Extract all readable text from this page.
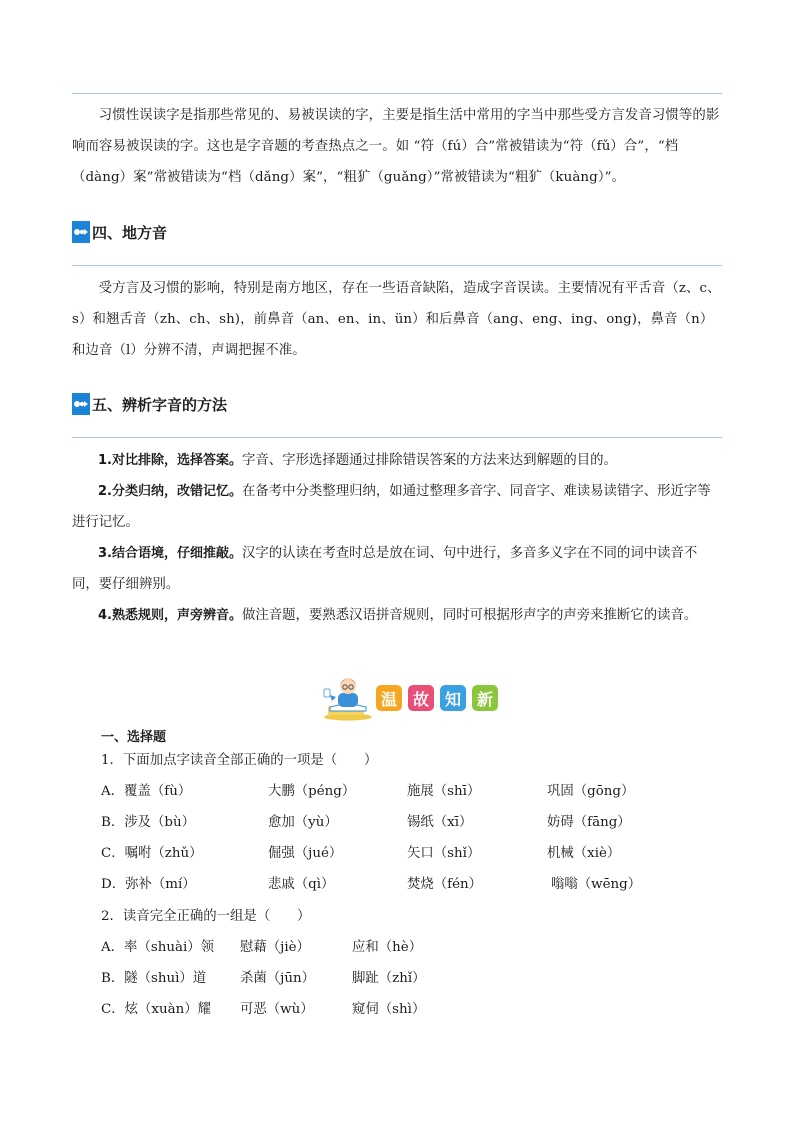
习惯性误读字是指那些常见的、易被误读的字，主要是指生活中常用的字当中那些受方言发音习惯等的影响而容易被误读的字。这也是字音题的考查热点之一。如 “符（fú）合”常被错读为“符（fǔ）合”，“档（dàng）案”常被错读为“档（dǎng）案”，“粗犷（guǎng）”常被错读为“粗犷（kuàng）”。
四、地方音
受方言及习惯的影响，特别是南方地区，存在一些语音缺陷，造成字音误读。主要情况有平舌音（z、c、s）和翘舌音（zh、ch、sh)，前鼻音（an、en、in、ün）和后鼻音（ang、eng、ing、ong)，鼻音（n）和边音（l）分辨不清，声调把握不准。
五、辨析字音的方法
1.对比排除，选择答案。字音、字形选择题通过排除错误答案的方法来达到解题的目的。
2.分类归纳，改错记忆。在备考中分类整理归纳，如通过整理多音字、同音字、难读易读错字、形近字等进行记忆。
3.结合语境，仔细推敲。汉字的认读在考查时总是放在词、句中进行，多音多义字在不同的词中读音不同，要仔细辨别。
4.熟悉规则，声旁辨音。做注音题，要熟悉汉语拼音规则，同时可根据形声字的声旁来推断它的读音。
温 故 知 新
一、选择题
1．下面加点字读音全部正确的一项是（　　）
A．覆盖（fù）	大鹏（péng）	施展（shī）	巩固（gōng）
B．涉及（bù）	愈加（yù）	锡纸（xī）	妨碍（fāng）
C．嘱咐（zhǔ）	倔强（jué）	矢口（shǐ）	机械（xiè）
D．弥补（mí）	悲戚（qì）	焚烧（fén）	嗡嗡（wēng）
2．读音完全正确的一组是（　　）
A．率（shuài）领 慰藉（jiè）	应和（hè）
B．隧（shuì）道	杀菌（jūn）	脚趾（zhǐ）
C．炫（xuàn）耀 可恶（wù）	窥伺（shì）
